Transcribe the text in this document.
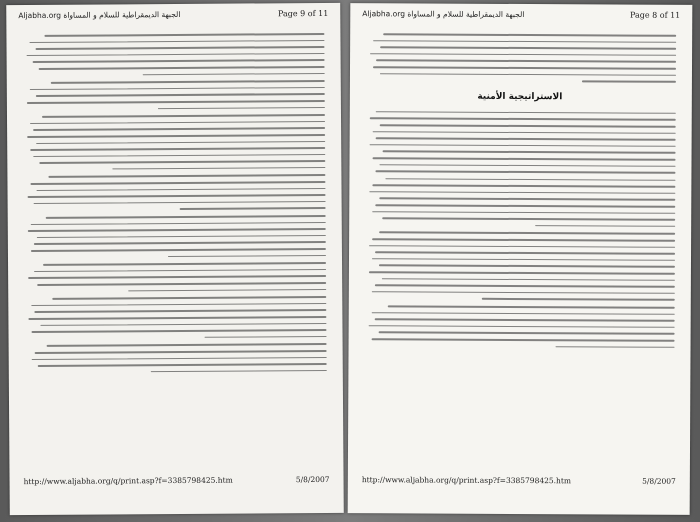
الجبهة الديمقراطية للسلام و المساواة Aljabha.org	Page 9 of 11
http://www.aljabha.org/q/print.asp?f=3385798425.htm	5/8/2007
الجبهة الديمقراطية للسلام و المساواة Aljabha.org	Page 8 of 11
الاستراتيجية الأمنية
http://www.aljabha.org/q/print.asp?f=3385798425.htm	5/8/2007
